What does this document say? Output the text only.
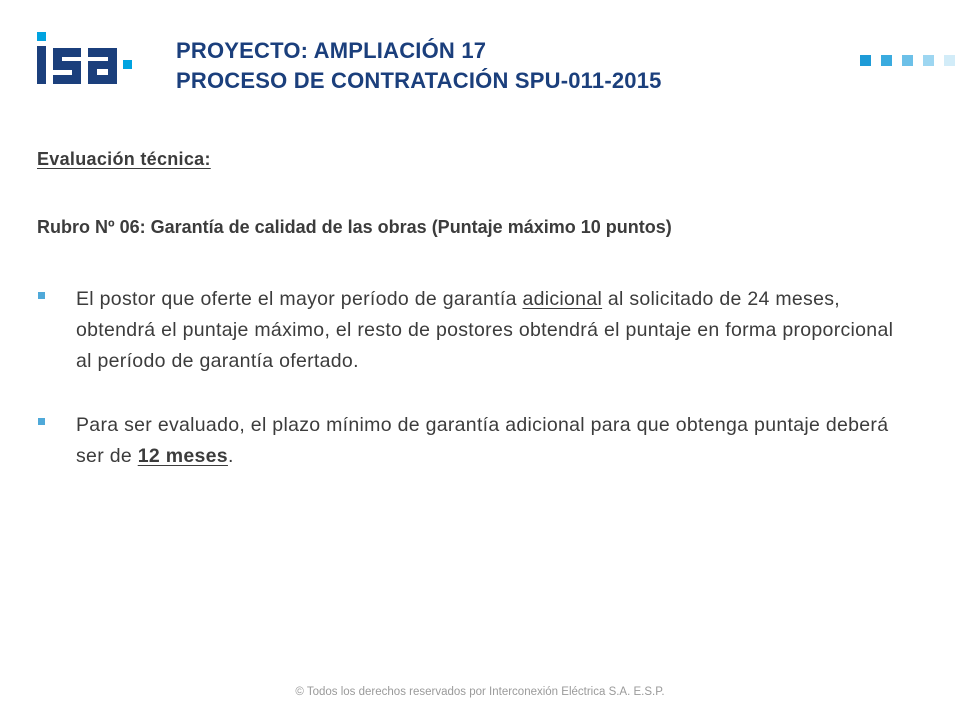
PROYECTO: AMPLIACIÓN 17
PROCESO DE CONTRATACIÓN SPU-011-2015
Evaluación técnica:
Rubro Nº 06: Garantía de calidad de las obras (Puntaje máximo 10 puntos)
El postor que oferte el mayor período de garantía adicional al solicitado de 24 meses, obtendrá el puntaje máximo, el resto de postores obtendrá el puntaje en forma proporcional al período de garantía ofertado.
Para ser evaluado, el plazo mínimo de garantía adicional para que obtenga puntaje deberá ser de 12 meses.
© Todos los derechos reservados por Interconexión Eléctrica S.A. E.S.P.
